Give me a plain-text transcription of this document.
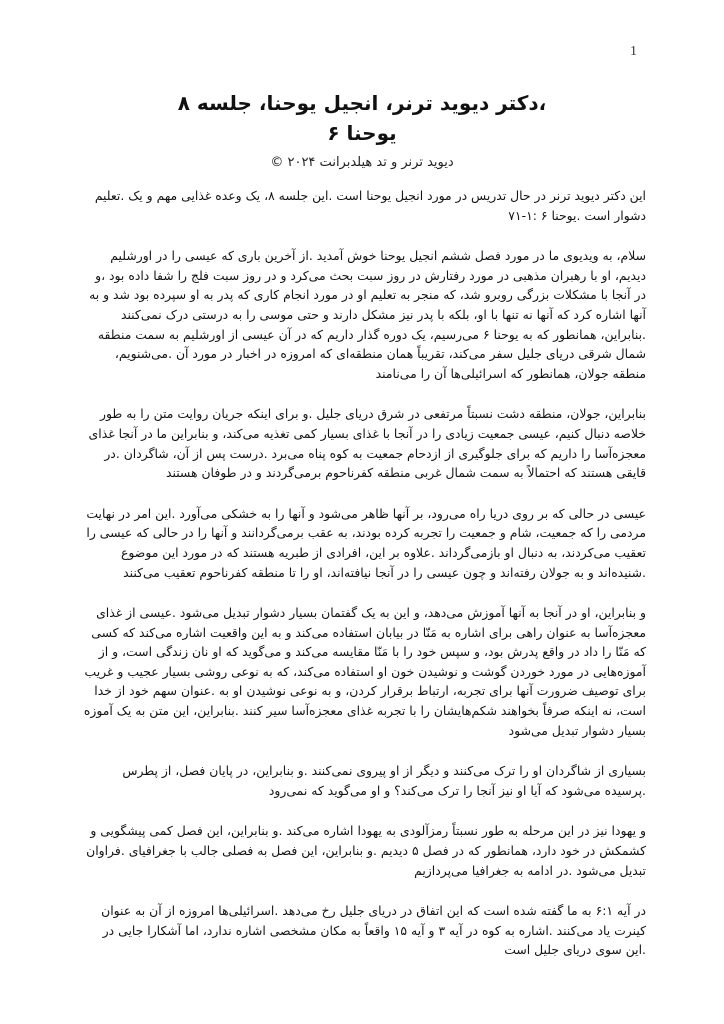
1
،دکتر دیوید ترنر، انجیل یوحنا، جلسه ۸
یوحنا ۶

دیوید ترنر و تد هیلدبرانت ۲۰۲۴ ©

این دکتر دیوید ترنر در حال تدریس در مورد انجیل یوحنا است .این جلسه ۸، یک وعده غذایی مهم و یک .تعلیم دشوار است .یوحنا ۶ :۱-۷۱

سلام، به ویدیوی ما در مورد فصل ششم انجیل یوحنا خوش آمدید .از آخرین باری که عیسی را در اورشلیم دیدیم، او با رهبران مذهبی در مورد رفتارش در روز سبت بحث می‌کرد و در روز سبت فلج را شفا داده بود ،و در آنجا با مشکلات بزرگی روبرو شد، که منجر به تعلیم او در مورد انجام کاری که پدر به او سپرده بود شد و به آنها اشاره کرد که آنها نه تنها با او، بلکه با پدر نیز مشکل دارند و حتی موسی را به درستی درک نمی‌کنند .بنابراین، همانطور که به یوحنا ۶ می‌رسیم، یک دوره گذار داریم که در آن عیسی از اورشلیم به سمت منطقه شمال شرقی دریای جلیل سفر می‌کند، تقریباً همان منطقه‌ای که امروزه در اخبار در مورد آن .می‌شنویم، منطقه جولان، همانطور که اسرائیلی‌ها آن را می‌نامند

بنابراین، جولان، منطقه دشت نسبتاً مرتفعی در شرق دریای جلیل .و برای اینکه جریان روایت متن را به طور خلاصه دنبال کنیم، عیسی جمعیت زیادی را در آنجا با غذای بسیار کمی تغذیه می‌کند، و بنابراین ما در آنجا غذای معجزه‌آسا را داریم که برای جلوگیری از ازدحام جمعیت به کوه پناه می‌برد .درست پس از آن، شاگردان .در قایقی هستند که احتمالاً به سمت شمال غربی منطقه کفرناحوم برمی‌گردند و در طوفان هستند

عیسی در حالی که بر روی دریا راه می‌رود، بر آنها ظاهر می‌شود و آنها را به خشکی می‌آورد .این امر در نهایت مردمی را که جمعیت، شام و جمعیت را تجربه کرده بودند، به عقب برمی‌گردانند و آنها را در حالی که عیسی را تعقیب می‌کردند، به دنبال او بازمی‌گرداند .علاوه بر این، افرادی از طبریه هستند که در مورد این موضوع .شنیده‌اند و به جولان رفته‌اند و چون عیسی را در آنجا نیافته‌اند، او را تا منطقه کفرناحوم تعقیب می‌کنند

و بنابراین، او در آنجا به آنها آموزش می‌دهد، و این به یک گفتمان بسیار دشوار تبدیل می‌شود .عیسی از غذای معجزه‌آسا به عنوان راهی برای اشاره به مَنّا در بیابان استفاده می‌کند و به این واقعیت اشاره می‌کند که کسی که مَنّا را داد در واقع پدرش بود، و سپس خود را با مَنّا مقایسه می‌کند و می‌گوید که او نان زندگی است، و از آموزه‌هایی در مورد خوردن گوشت و نوشیدن خون او استفاده می‌کند، که به نوعی روشی بسیار عجیب و غریب برای توصیف ضرورت آنها برای تجربه، ارتباط برقرار کردن، و به نوعی نوشیدن او به .عنوان سهم خود از خدا است، نه اینکه صرفاً بخواهند شکم‌هایشان را با تجربه غذای معجزه‌آسا سیر کنند .بنابراین، این متن به یک آموزه بسیار دشوار تبدیل می‌شود

بسیاری از شاگردان او را ترک می‌کنند و دیگر از او پیروی نمی‌کنند .و بنابراین، در پایان فصل، از پطرس .پرسیده می‌شود که آیا او نیز آنجا را ترک می‌کند؟ و او می‌گوید که نمی‌رود

و یهودا نیز در این مرحله به طور نسبتاً رمزآلودی به یهودا اشاره می‌کند .و بنابراین، این فصل کمی پیشگویی و کشمکش در خود دارد، همانطور که در فصل ۵ دیدیم .و بنابراین، این فصل به فصلی جالب با جغرافیای .فراوان تبدیل می‌شود .در ادامه به جغرافیا می‌پردازیم

در آیه ۶:۱ به ما گفته شده است که این اتفاق در دریای جلیل رخ می‌دهد .اسرائیلی‌ها امروزه از آن به عنوان کینرت یاد می‌کنند .اشاره به کوه در آیه ۳ و آیه ۱۵ واقعاً به مکان مشخصی اشاره ندارد، اما آشکارا جایی در .این سوی دریای جلیل است
